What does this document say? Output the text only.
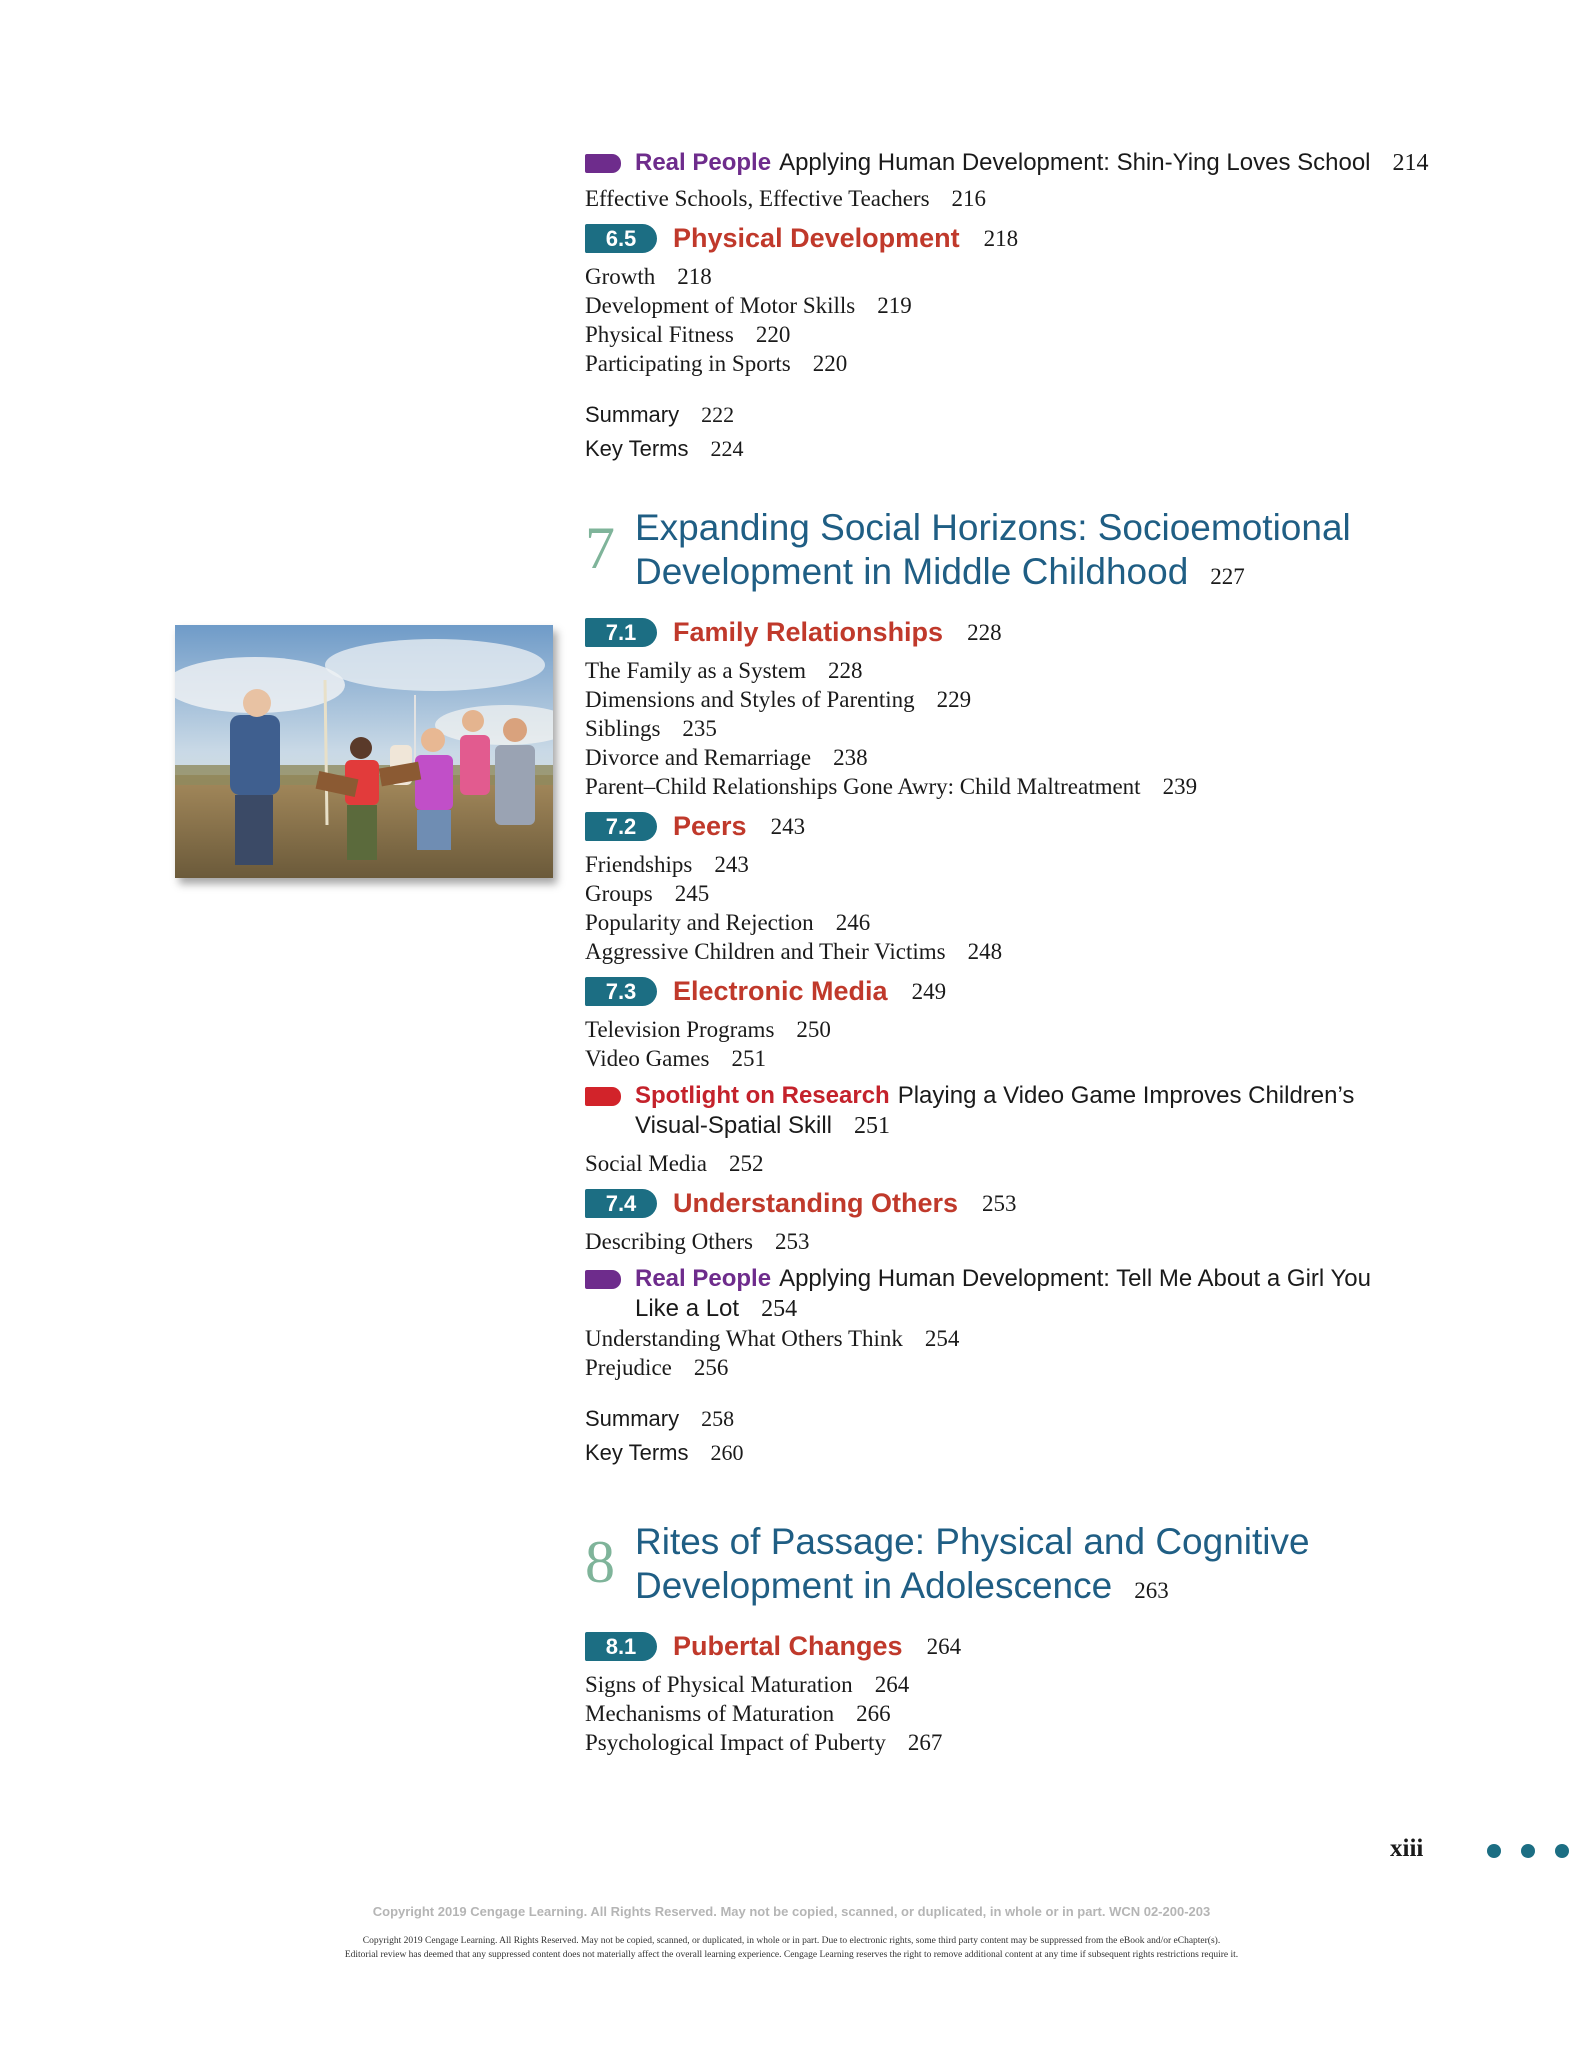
Real People Applying Human Development: Shin-Ying Loves School 214
Effective Schools, Effective Teachers 216
6.5	Physical Development 218
Growth 218
Development of Motor Skills 219
Physical Fitness 220
Participating in Sports 220
Summary 222
Key Terms 224
7 Expanding Social Horizons: Socioemotional
Development in Middle Childhood 227
7.1	Family Relationships 228
The Family as a System 228
Dimensions and Styles of Parenting 229
Siblings 235
Divorce and Remarriage 238
Parent–Child Relationships Gone Awry: Child Maltreatment 239
7.2	Peers 243
Friendships 243
Groups 245
Popularity and Rejection 246
Aggressive Children and Their Victims 248
7.3	Electronic Media 249
Television Programs 250
Video Games 251
Spotlight on Research Playing a Video Game Improves Children’s
Visual-Spatial Skill 251
Social Media 252
7.4	Understanding Others 253
Describing Others 253
Real People Applying Human Development: Tell Me About a Girl You
Like a Lot 254
Understanding What Others Think 254
Prejudice 256
Summary 258
Key Terms 260
8 Rites of Passage: Physical and Cognitive
Development in Adolescence 263
8.1	Pubertal Changes 264
Signs of Physical Maturation 264
Mechanisms of Maturation 266
Psychological Impact of Puberty 267
xiii
Copyright 2019 Cengage Learning. All Rights Reserved. May not be copied, scanned, or duplicated, in whole or in part. WCN 02-200-203
Copyright 2019 Cengage Learning. All Rights Reserved. May not be copied, scanned, or duplicated, in whole or in part. Due to electronic rights, some third party content may be suppressed from the eBook and/or eChapter(s).
Editorial review has deemed that any suppressed content does not materially affect the overall learning experience. Cengage Learning reserves the right to remove additional content at any time if subsequent rights restrictions require it.
